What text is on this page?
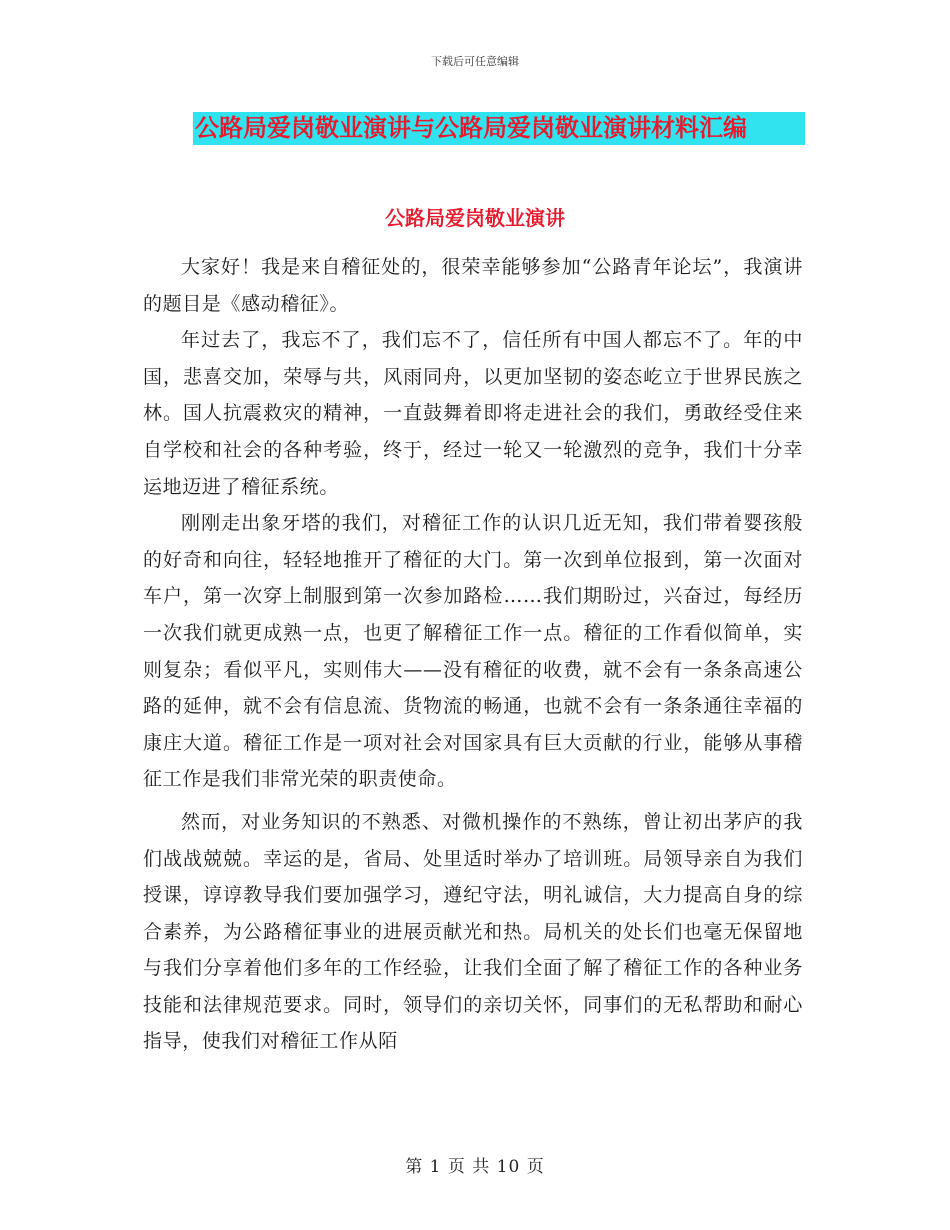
下载后可任意编辑
公路局爱岗敬业演讲与公路局爱岗敬业演讲材料汇编
公路局爱岗敬业演讲

大家好！我是来自稽征处的，很荣幸能够参加“公路青年论坛”，我演讲的题目是《感动稽征》。

年过去了，我忘不了，我们忘不了，信任所有中国人都忘不了。年的中国，悲喜交加，荣辱与共，风雨同舟，以更加坚韧的姿态屹立于世界民族之林。国人抗震救灾的精神，一直鼓舞着即将走进社会的我们，勇敢经受住来自学校和社会的各种考验，终于，经过一轮又一轮激烈的竞争，我们十分幸运地迈进了稽征系统。

刚刚走出象牙塔的我们，对稽征工作的认识几近无知，我们带着婴孩般的好奇和向往，轻轻地推开了稽征的大门。第一次到单位报到，第一次面对车户，第一次穿上制服到第一次参加路检……我们期盼过，兴奋过，每经历一次我们就更成熟一点，也更了解稽征工作一点。稽征的工作看似简单，实则复杂；看似平凡，实则伟大——没有稽征的收费，就不会有一条条高速公路的延伸，就不会有信息流、货物流的畅通，也就不会有一条条通往幸福的康庄大道。稽征工作是一项对社会对国家具有巨大贡献的行业，能够从事稽征工作是我们非常光荣的职责使命。

然而，对业务知识的不熟悉、对微机操作的不熟练，曾让初出茅庐的我们战战兢兢。幸运的是，省局、处里适时举办了培训班。局领导亲自为我们授课，谆谆教导我们要加强学习，遵纪守法，明礼诚信，大力提高自身的综合素养，为公路稽征事业的进展贡献光和热。局机关的处长们也毫无保留地与我们分享着他们多年的工作经验，让我们全面了解了稽征工作的各种业务技能和法律规范要求。同时，领导们的亲切关怀，同事们的无私帮助和耐心指导，使我们对稽征工作从陌

第 1 页 共 10 页
